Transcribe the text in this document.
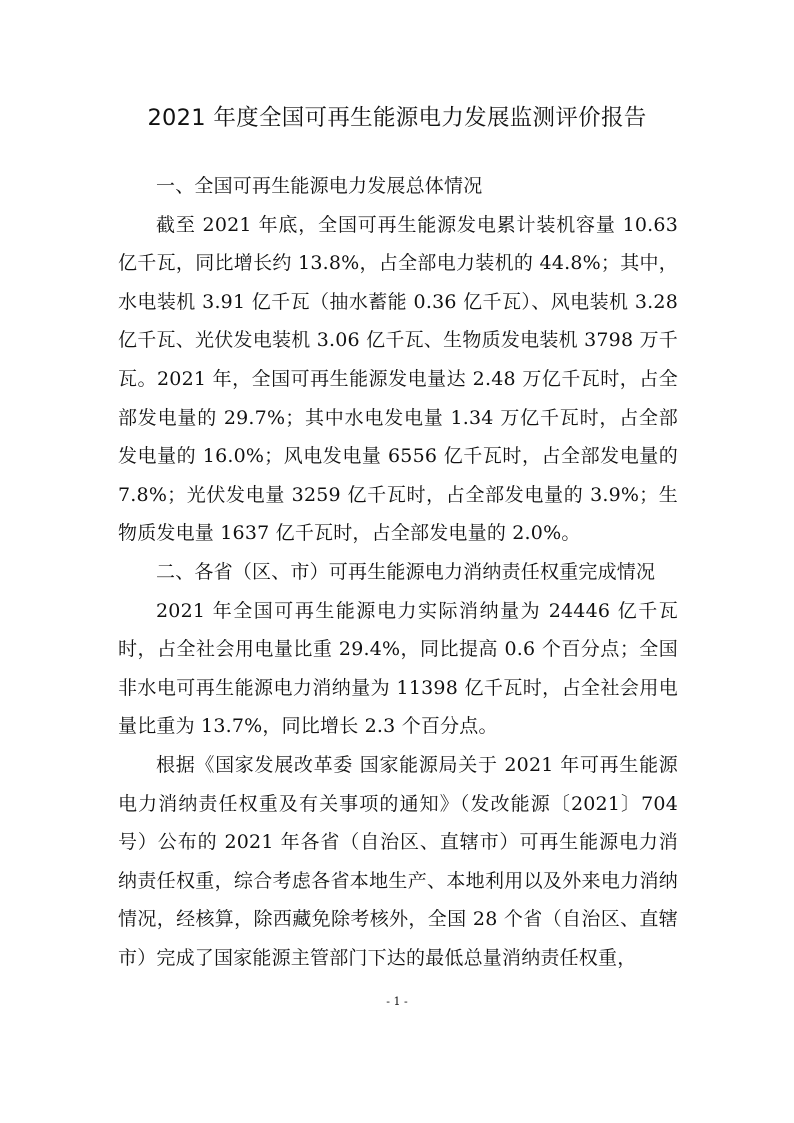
2021 年度全国可再生能源电力发展监测评价报告

一、全国可再生能源电力发展总体情况

截至 2021 年底，全国可再生能源发电累计装机容量 10.63 亿千瓦，同比增长约 13.8%，占全部电力装机的 44.8%；其中，水电装机 3.91 亿千瓦（抽水蓄能 0.36 亿千瓦）、风电装机 3.28 亿千瓦、光伏发电装机 3.06 亿千瓦、生物质发电装机 3798 万千瓦。2021 年，全国可再生能源发电量达 2.48 万亿千瓦时，占全部发电量的 29.7%；其中水电发电量 1.34 万亿千瓦时，占全部发电量的 16.0%；风电发电量 6556 亿千瓦时，占全部发电量的 7.8%；光伏发电量 3259 亿千瓦时，占全部发电量的 3.9%；生物质发电量 1637 亿千瓦时，占全部发电量的 2.0%。

二、各省（区、市）可再生能源电力消纳责任权重完成情况

2021 年全国可再生能源电力实际消纳量为 24446 亿千瓦时，占全社会用电量比重 29.4%，同比提高 0.6 个百分点；全国非水电可再生能源电力消纳量为 11398 亿千瓦时，占全社会用电量比重为 13.7%，同比增长 2.3 个百分点。

根据《国家发展改革委 国家能源局关于 2021 年可再生能源电力消纳责任权重及有关事项的通知》（发改能源〔2021〕704 号）公布的 2021 年各省（自治区、直辖市）可再生能源电力消纳责任权重，综合考虑各省本地生产、本地利用以及外来电力消纳情况，经核算，除西藏免除考核外，全国 28 个省（自治区、直辖市）完成了国家能源主管部门下达的最低总量消纳责任权重，

- 1 -
